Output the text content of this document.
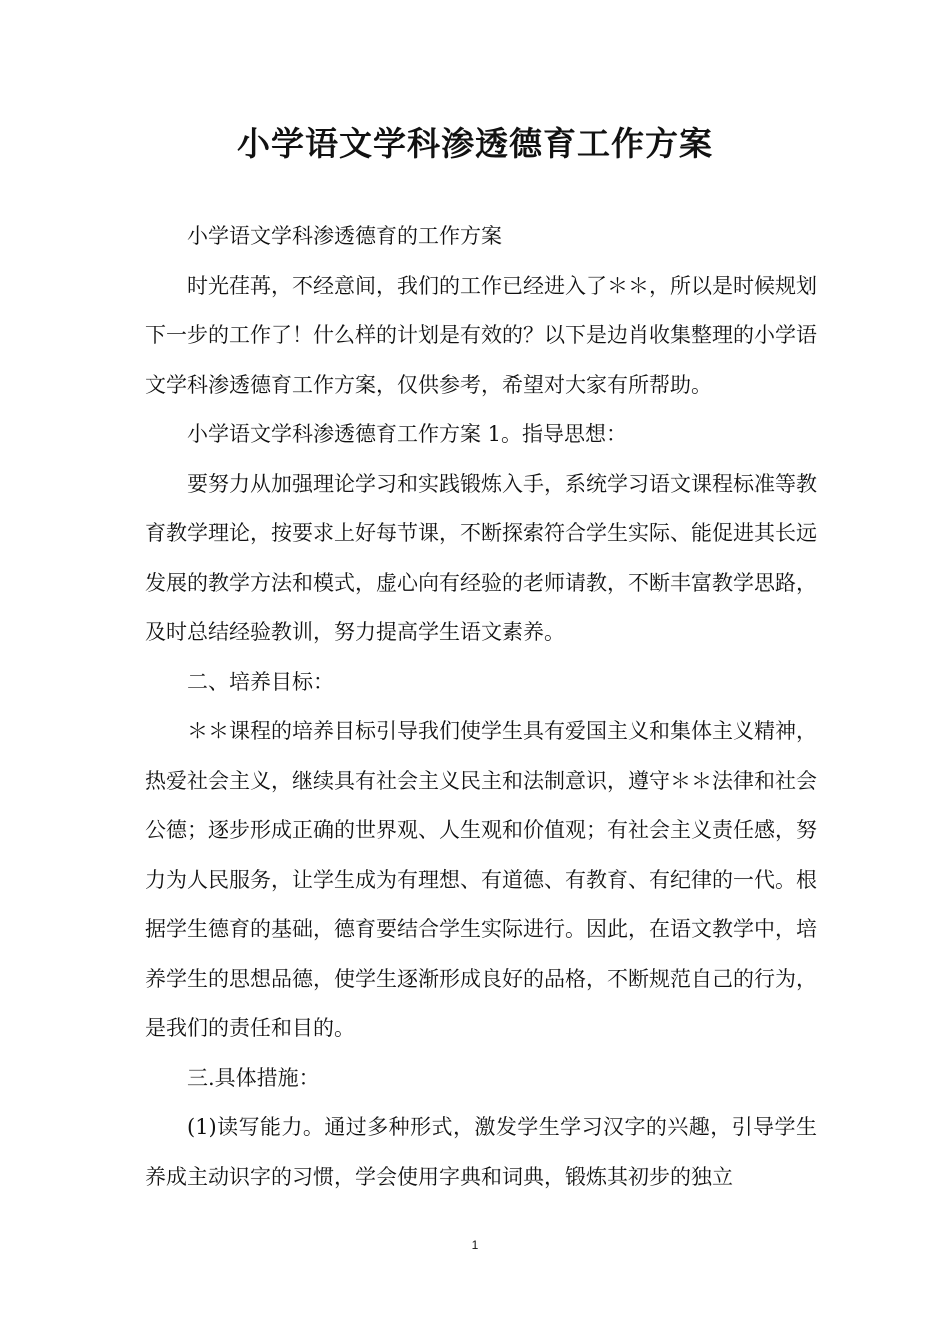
小学语文学科渗透德育工作方案

小学语文学科渗透德育的工作方案

时光荏苒，不经意间，我们的工作已经进入了＊＊，所以是时候规划下一步的工作了！什么样的计划是有效的？以下是边肖收集整理的小学语文学科渗透德育工作方案，仅供参考，希望对大家有所帮助。

小学语文学科渗透德育工作方案 1。指导思想：

要努力从加强理论学习和实践锻炼入手，系统学习语文课程标准等教育教学理论，按要求上好每节课，不断探索符合学生实际、能促进其长远发展的教学方法和模式，虚心向有经验的老师请教，不断丰富教学思路，及时总结经验教训，努力提高学生语文素养。

二、培养目标：

＊＊课程的培养目标引导我们使学生具有爱国主义和集体主义精神，热爱社会主义，继续具有社会主义民主和法制意识，遵守＊＊法律和社会公德；逐步形成正确的世界观、人生观和价值观；有社会主义责任感，努力为人民服务，让学生成为有理想、有道德、有教育、有纪律的一代。根据学生德育的基础，德育要结合学生实际进行。因此，在语文教学中，培养学生的思想品德，使学生逐渐形成良好的品格，不断规范自己的行为，是我们的责任和目的。

三.具体措施：

(1)读写能力。通过多种形式，激发学生学习汉字的兴趣，引导学生养成主动识字的习惯，学会使用字典和词典，锻炼其初步的独立

1
